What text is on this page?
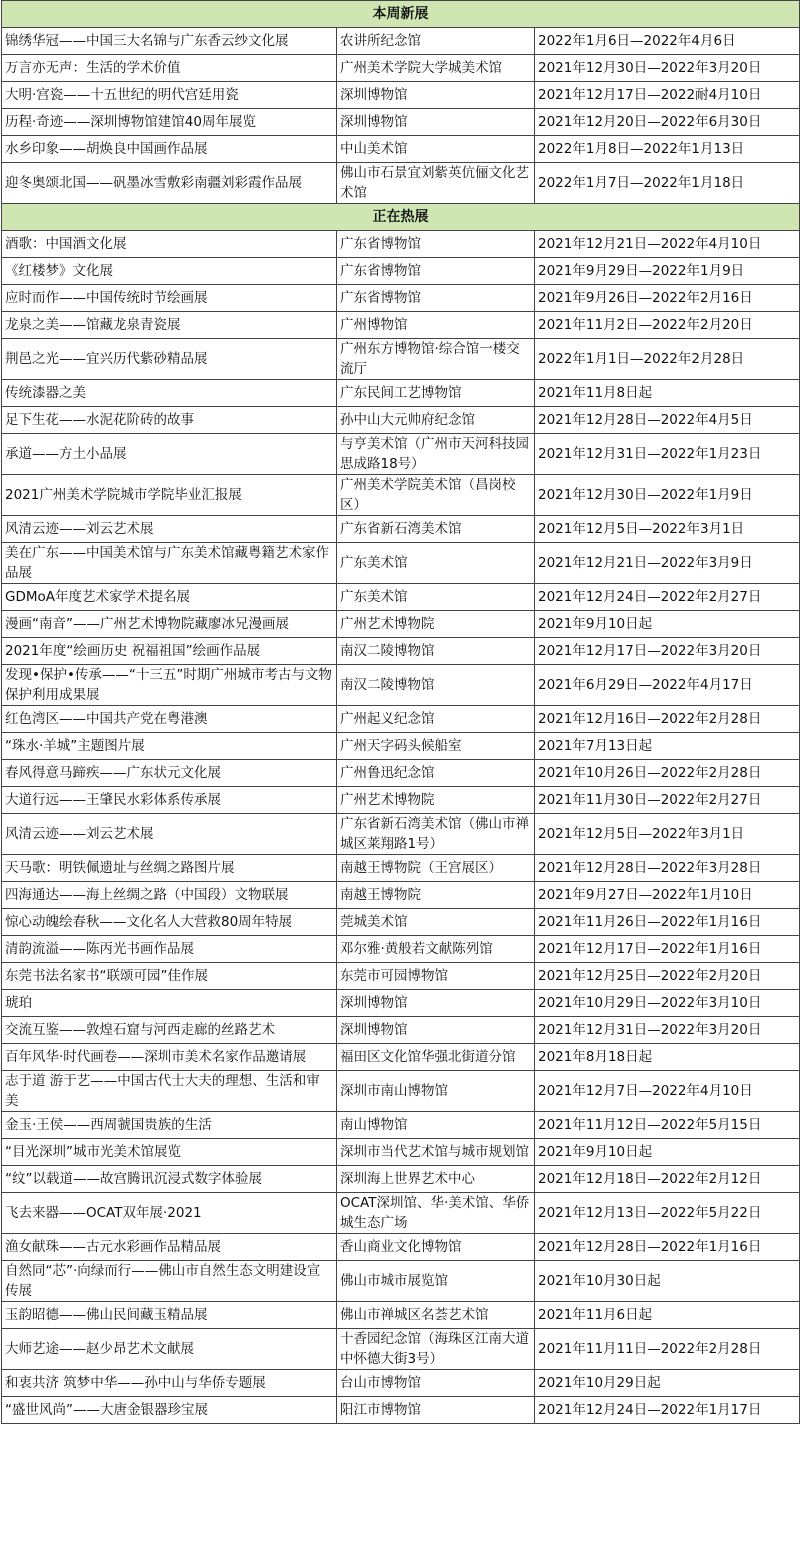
本周新展		
锦绣华冠——中国三大名锦与广东香云纱文化展	农讲所纪念馆	2022年1月6日—2022年4月6日
万言亦无声：生活的学术价值	广州美术学院大学城美术馆	2021年12月30日—2022年3月20日
大明·宫瓷——十五世纪的明代宫廷用瓷	深圳博物馆	2021年12月17日—2022耐4月10日
历程·奇迹——深圳博物馆建馆40周年展览	深圳博物馆	2021年12月20日—2022年6月30日
水乡印象——胡焕良中国画作品展	中山美术馆	2022年1月8日—2022年1月13日
迎冬奥颂北国——矾墨冰雪敷彩南疆刘彩霞作品展	佛山市石景宜刘紫英伉俪文化艺术馆	2022年1月7日—2022年1月18日
正在热展		
酒歌：中国酒文化展	广东省博物馆	2021年12月21日—2022年4月10日
《红楼梦》文化展	广东省博物馆	2021年9月29日—2022年1月9日
应时而作——中国传统时节绘画展	广东省博物馆	2021年9月26日—2022年2月16日
龙泉之美——馆藏龙泉青瓷展	广州博物馆	2021年11月2日—2022年2月20日
荆邑之光——宜兴历代紫砂精品展	广州东方博物馆·综合馆一楼交流厅	2022年1月1日—2022年2月28日
传统漆器之美	广东民间工艺博物馆	2021年11月8日起
足下生花——水泥花阶砖的故事	孙中山大元帅府纪念馆	2021年12月28日—2022年4月5日
承道——方土小品展	与亨美术馆（广州市天河科技园思成路18号）	2021年12月31日—2022年1月23日
2021广州美术学院城市学院毕业汇报展	广州美术学院美术馆（昌岗校区）	2021年12月30日—2022年1月9日
风清云迹——刘云艺术展	广东省新石湾美术馆	2021年12月5日—2022年3月1日
美在广东——中国美术馆与广东美术馆藏粤籍艺术家作品展	广东美术馆	2021年12月21日—2022年3月9日
GDMoA年度艺术家学术提名展	广东美术馆	2021年12月24日—2022年2月27日
漫画“南音”——广州艺术博物院藏廖冰兄漫画展	广州艺术博物院	2021年9月10日起
2021年度“绘画历史 祝福祖国”绘画作品展	南汉二陵博物馆	2021年12月17日—2022年3月20日
发现•保护•传承——“十三五”时期广州城市考古与文物保护利用成果展	南汉二陵博物馆	2021年6月29日—2022年4月17日
红色湾区——中国共产党在粤港澳	广州起义纪念馆	2021年12月16日—2022年2月28日
“珠水·羊城”主题图片展	广州天字码头候船室	2021年7月13日起
春风得意马蹄疾——广东状元文化展	广州鲁迅纪念馆	2021年10月26日—2022年2月28日
大道行远——王肇民水彩体系传承展	广州艺术博物院	2021年11月30日—2022年2月27日
风清云迹——刘云艺术展	广东省新石湾美术馆（佛山市禅城区莱翔路1号）	2021年12月5日—2022年3月1日
天马歌：明铁佩遗址与丝绸之路图片展	南越王博物院（王宫展区）	2021年12月28日—2022年3月28日
四海通达——海上丝绸之路（中国段）文物联展	南越王博物院	2021年9月27日—2022年1月10日
惊心动魄绘春秋——文化名人大营救80周年特展	莞城美术馆	2021年11月26日—2022年1月16日
清韵流溢——陈丙光书画作品展	邓尔雅·黄般若文献陈列馆	2021年12月17日—2022年1月16日
东莞书法名家书“联颂可园”佳作展	东莞市可园博物馆	2021年12月25日—2022年2月20日
琥珀	深圳博物馆	2021年10月29日—2022年3月10日
交流互鉴——敦煌石窟与河西走廊的丝路艺术	深圳博物馆	2021年12月31日—2022年3月20日
百年风华·时代画卷——深圳市美术名家作品邀请展	福田区文化馆华强北街道分馆	2021年8月18日起
志于道 游于艺——中国古代士大夫的理想、生活和审美	深圳市南山博物馆	2021年12月7日—2022年4月10日
金玉·王侯——西周虢国贵族的生活	南山博物馆	2021年11月12日—2022年5月15日
“目光深圳”城市光美术馆展览	深圳市当代艺术馆与城市规划馆	2021年9月10日起
“纹”以载道——故宫腾讯沉浸式数字体验展	深圳海上世界艺术中心	2021年12月18日—2022年2月12日
飞去来器——OCAT双年展·2021	OCAT深圳馆、华·美术馆、华侨城生态广场	2021年12月13日—2022年5月22日
渔女献珠——古元水彩画作品精品展	香山商业文化博物馆	2021年12月28日—2022年1月16日
自然同“芯”·向绿而行——佛山市自然生态文明建设宣传展	佛山市城市展览馆	2021年10月30日起
玉韵昭德——佛山民间藏玉精品展	佛山市禅城区名荟艺术馆	2021年11月6日起
大师艺途——赵少昂艺术文献展	十香园纪念馆（海珠区江南大道中怀德大街3号）	2021年11月11日—2022年2月28日
和衷共济 筑梦中华——孙中山与华侨专题展	台山市博物馆	2021年10月29日起
“盛世风尚”——大唐金银器珍宝展	阳江市博物馆	2021年12月24日—2022年1月17日
